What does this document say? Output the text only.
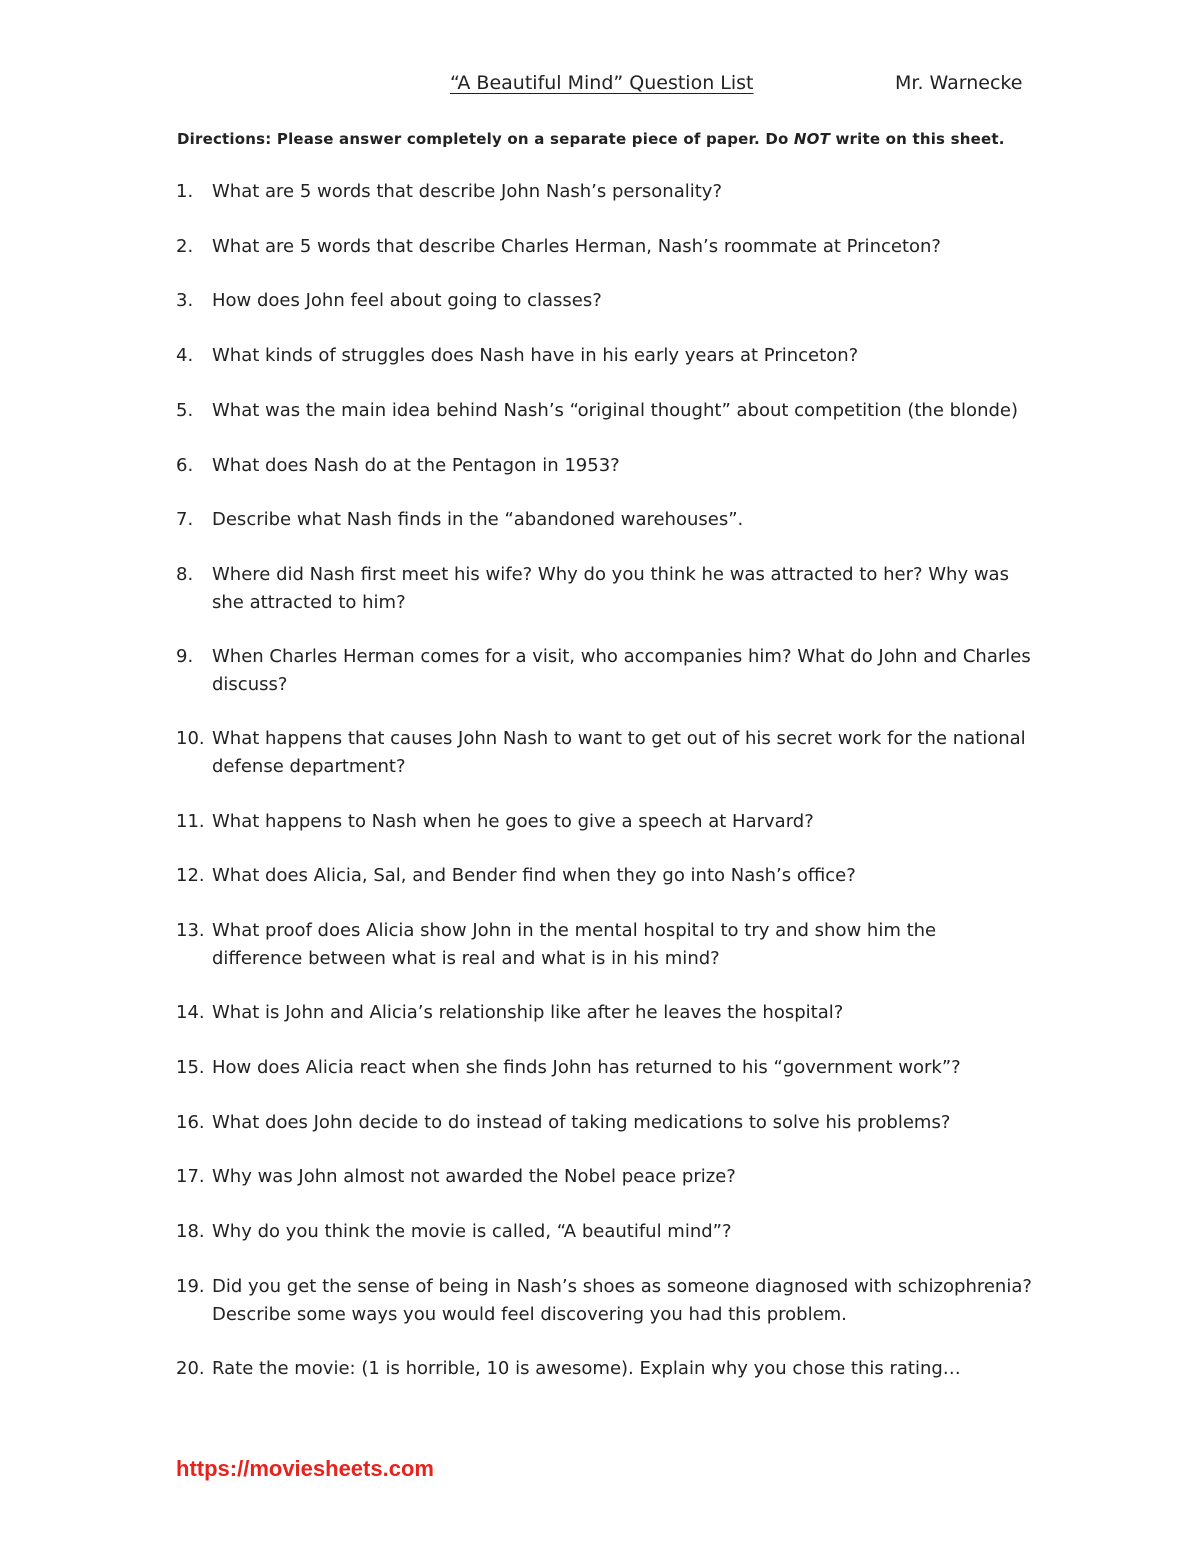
“A Beautiful Mind” Question List	Mr. Warnecke
Directions: Please answer completely on a separate piece of paper. Do NOT write on this sheet.
1.	What are 5 words that describe John Nash’s personality?
2.	What are 5 words that describe Charles Herman, Nash’s roommate at Princeton?
3.	How does John feel about going to classes?
4.	What kinds of struggles does Nash have in his early years at Princeton?
5.	What was the main idea behind Nash’s “original thought” about competition (the blonde)
6.	What does Nash do at the Pentagon in 1953?
7.	Describe what Nash finds in the “abandoned warehouses”.
8.	Where did Nash first meet his wife? Why do you think he was attracted to her? Why was she attracted to him?
9.	When Charles Herman comes for a visit, who accompanies him? What do John and Charles discuss?
10. What happens that causes John Nash to want to get out of his secret work for the national defense department?
11. What happens to Nash when he goes to give a speech at Harvard?
12. What does Alicia, Sal, and Bender find when they go into Nash’s office?
13. What proof does Alicia show John in the mental hospital to try and show him the difference between what is real and what is in his mind?
14. What is John and Alicia’s relationship like after he leaves the hospital?
15. How does Alicia react when she finds John has returned to his “government work”?
16. What does John decide to do instead of taking medications to solve his problems?
17. Why was John almost not awarded the Nobel peace prize?
18. Why do you think the movie is called, “A beautiful mind”?
19. Did you get the sense of being in Nash’s shoes as someone diagnosed with schizophrenia? Describe some ways you would feel discovering you had this problem.
20. Rate the movie: (1 is horrible, 10 is awesome). Explain why you chose this rating…
https://moviesheets.com
